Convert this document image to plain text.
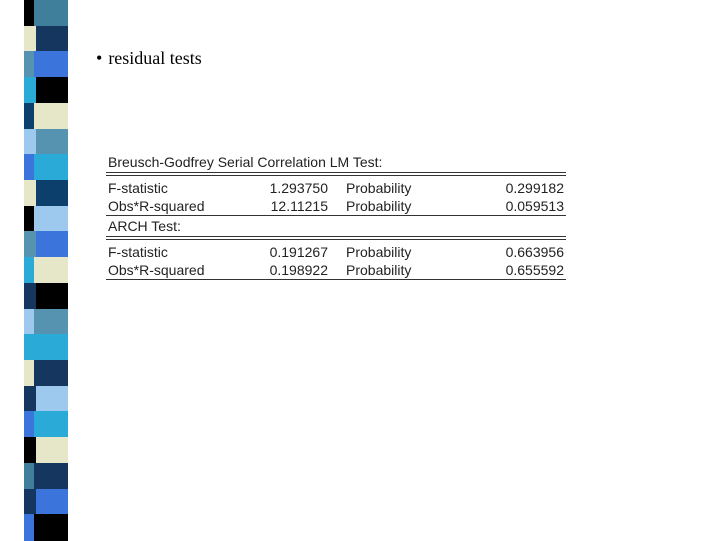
• residual tests
Breusch-Godfrey Serial Correlation LM Test:
F-statistic	1.293750 Probability	0.299182
Obs*R-squared	12.11215 Probability	0.059513
ARCH Test:
F-statistic	0.191267 Probability	0.663956
Obs*R-squared	0.198922 Probability	0.655592
